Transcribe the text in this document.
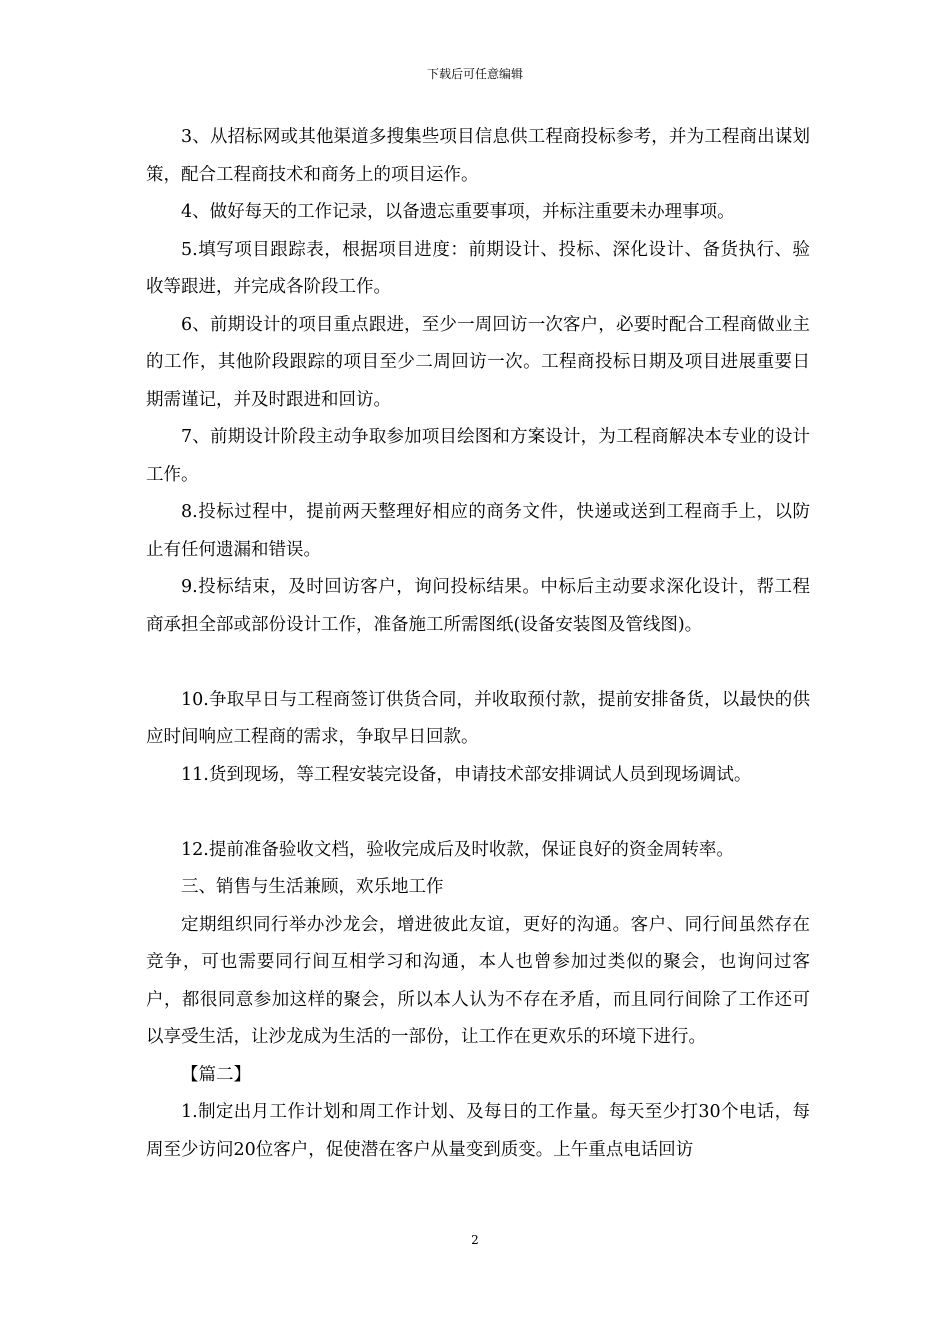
下载后可任意编辑

3、从招标网或其他渠道多搜集些项目信息供工程商投标参考，并为工程商出谋划策，配合工程商技术和商务上的项目运作。

4、做好每天的工作记录，以备遗忘重要事项，并标注重要未办理事项。

5.填写项目跟踪表，根据项目进度：前期设计、投标、深化设计、备货执行、验收等跟进，并完成各阶段工作。

6、前期设计的项目重点跟进，至少一周回访一次客户，必要时配合工程商做业主的工作，其他阶段跟踪的项目至少二周回访一次。工程商投标日期及项目进展重要日期需谨记，并及时跟进和回访。

7、前期设计阶段主动争取参加项目绘图和方案设计，为工程商解决本专业的设计工作。

8.投标过程中，提前两天整理好相应的商务文件，快递或送到工程商手上，以防止有任何遗漏和错误。

9.投标结束，及时回访客户，询问投标结果。中标后主动要求深化设计，帮工程商承担全部或部份设计工作，准备施工所需图纸(设备安装图及管线图)。

10.争取早日与工程商签订供货合同，并收取预付款，提前安排备货，以最快的供应时间响应工程商的需求，争取早日回款。

11.货到现场，等工程安装完设备，申请技术部安排调试人员到现场调试。

12.提前准备验收文档，验收完成后及时收款，保证良好的资金周转率。

三、销售与生活兼顾，欢乐地工作

定期组织同行举办沙龙会，增进彼此友谊，更好的沟通。客户、同行间虽然存在竞争，可也需要同行间互相学习和沟通，本人也曾参加过类似的聚会，也询问过客户，都很同意参加这样的聚会，所以本人认为不存在矛盾，而且同行间除了工作还可以享受生活，让沙龙成为生活的一部份，让工作在更欢乐的环境下进行。

【篇二】

1.制定出月工作计划和周工作计划、及每日的工作量。每天至少打30个电话，每周至少访问20位客户，促使潜在客户从量变到质变。上午重点电话回访

2
